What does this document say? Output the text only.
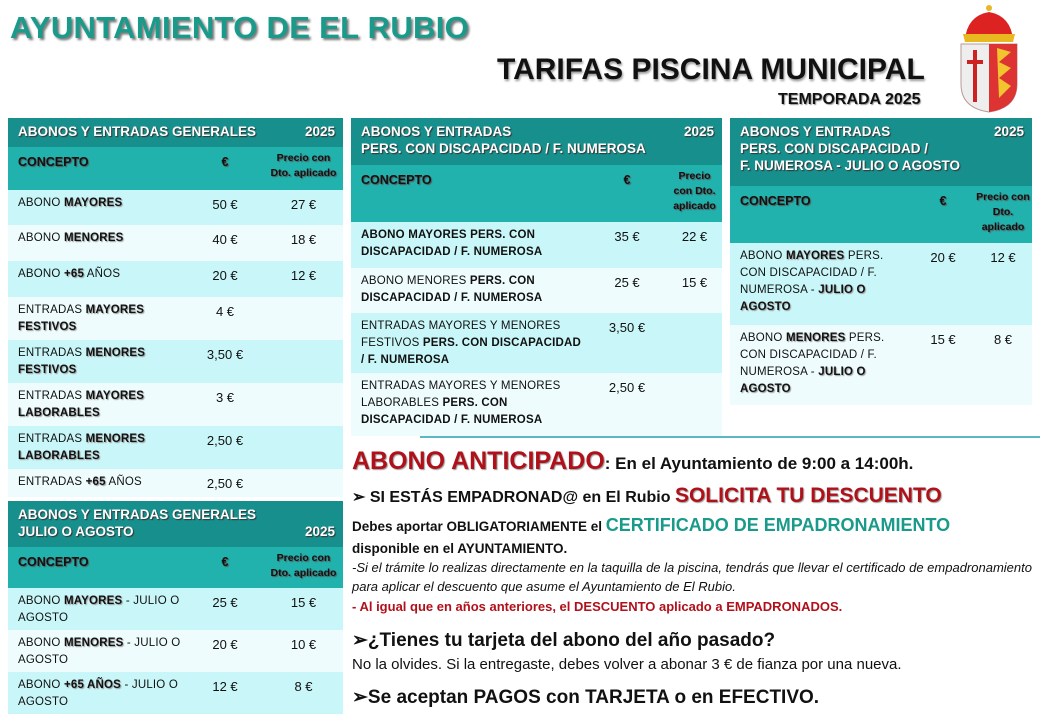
AYUNTAMIENTO DE EL RUBIO
TARIFAS PISCINA MUNICIPAL
TEMPORADA 2025
2025
ABONOS Y ENTRADAS GENERALES		

CONCEPTO	€	Precio con Dto. aplicado
ABONO MAYORES	50 €	27 €
ABONO MENORES	40 €	18 €
ABONO +65 AÑOS	20 €	12 €
ENTRADAS MAYORES FESTIVOS	4 €	
ENTRADAS MENORES FESTIVOS	3,50 €	
ENTRADAS MAYORES LABORABLES	3 €	
ENTRADAS MENORES LABORABLES	2,50 €	
ENTRADAS +65 AÑOS	2,50 €	
ABONOS Y ENTRADAS GENERALES
JULIO O AGOSTO 2025		

CONCEPTO	€	Precio con Dto. aplicado
ABONO MAYORES - JULIO O AGOSTO	25 €	15 €
ABONO MENORES - JULIO O AGOSTO	20 €	10 €
ABONO +65 AÑOS - JULIO O AGOSTO	12 €	8 €
2025
ABONOS Y ENTRADAS
PERS. CON DISCAPACIDAD / F. NUMEROSA		

CONCEPTO	€	Precio con Dto. aplicado
ABONO MAYORES PERS. CON DISCAPACIDAD / F. NUMEROSA	35 €	22 €
ABONO MENORES PERS. CON DISCAPACIDAD / F. NUMEROSA	25 €	15 €
ENTRADAS MAYORES Y MENORES FESTIVOS PERS. CON DISCAPACIDAD / F. NUMEROSA	3,50 €	
ENTRADAS MAYORES Y MENORES LABORABLES PERS. CON DISCAPACIDAD / F. NUMEROSA	2,50 €	
2025
ABONOS Y ENTRADAS
PERS. CON DISCAPACIDAD /
F. NUMEROSA - JULIO O AGOSTO		

CONCEPTO	€	Precio con Dto. aplicado
ABONO MAYORES PERS. CON DISCAPACIDAD / F. NUMEROSA - JULIO O AGOSTO	20 €	12 €
ABONO MENORES PERS. CON DISCAPACIDAD / F. NUMEROSA - JULIO O AGOSTO	15 €	8 €
ABONO ANTICIPADO: En el Ayuntamiento de 9:00 a 14:00h.
➢ SI ESTÁS EMPADRONAD@ en El Rubio SOLICITA TU DESCUENTO
Debes aportar OBLIGATORIAMENTE el CERTIFICADO DE EMPADRONAMIENTO
disponible en el AYUNTAMIENTO.
-Si el trámite lo realizas directamente en la taquilla de la piscina, tendrás que llevar el certificado de empadronamiento para aplicar el descuento que asume el Ayuntamiento de El Rubio.
- Al igual que en años anteriores, el DESCUENTO aplicado a EMPADRONADOS.
➢¿Tienes tu tarjeta del abono del año pasado?
No la olvides. Si la entregaste, debes volver a abonar 3 € de fianza por una nueva.
➢Se aceptan PAGOS con TARJETA o en EFECTIVO.
